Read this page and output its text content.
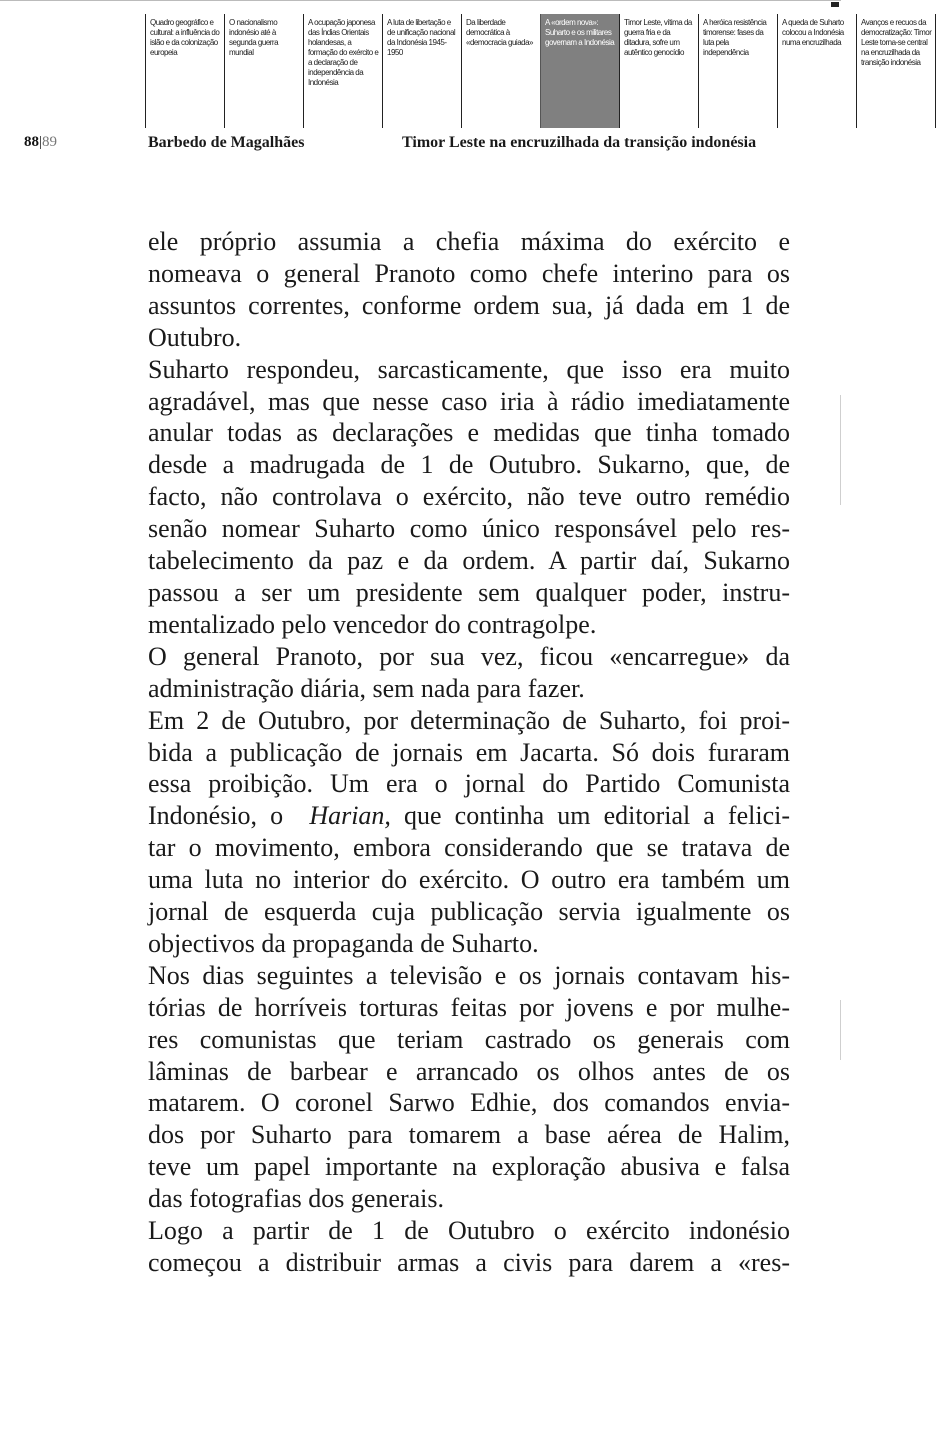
Quadro geográfico e cultural: a influência do islão e da colonização europeia
O nacionalismo indonésio até à segunda guerra mundial
A ocupação japonesa das Índias Orientais holandesas, a formação do exército e a declaração de independência da Indonésia
A luta de libertação e de unificação nacional da Indonésia 1945-1950
Da liberdade democrática à «democracia guiada»
A «ordem nova»: Suharto e os militares governam a Indonésia
Timor Leste, vítima da guerra fria e da ditadura, sofre um autêntico genocídio
A heróica resistência timorense: fases da luta pela independência
A queda de Suharto colocou a Indonésia numa encruzilhada
Avanços e recuos da democratização: Timor Leste torna-se central na encruzilhada da transição indonésia
88|89	Barbedo de Magalhães	Timor Leste na encruzilhada da transição indonésia
ele próprio assumia a chefia máxima do exército e
nomeava o general Pranoto como chefe interino para os
assuntos correntes, conforme ordem sua, já dada em 1 de
Outubro.
Suharto respondeu, sarcasticamente, que isso era muito
agradável, mas que nesse caso iria à rádio imediatamente
anular todas as declarações e medidas que tinha tomado
desde a madrugada de 1 de Outubro. Sukarno, que, de
facto, não controlava o exército, não teve outro remédio
senão nomear Suharto como único responsável pelo res-
tabelecimento da paz e da ordem. A partir daí, Sukarno
passou a ser um presidente sem qualquer poder, instru-
mentalizado pelo vencedor do contragolpe.
O general Pranoto, por sua vez, ficou «encarregue» da
administração diária, sem nada para fazer.
Em 2 de Outubro, por determinação de Suharto, foi proi-
bida a publicação de jornais em Jacarta. Só dois furaram
essa proibição. Um era o jornal do Partido Comunista
Indonésio, o  Harian, que continha um editorial a felici-
tar o movimento, embora considerando que se tratava de
uma luta no interior do exército. O outro era também um
jornal de esquerda cuja publicação servia igualmente os
objectivos da propaganda de Suharto.
Nos dias seguintes a televisão e os jornais contavam his-
tórias de horríveis torturas feitas por jovens e por mulhe-
res comunistas que teriam castrado os generais com
lâminas de barbear e arrancado os olhos antes de os
matarem. O coronel Sarwo Edhie, dos comandos envia-
dos por Suharto para tomarem a base aérea de Halim,
teve um papel importante na exploração abusiva e falsa
das fotografias dos generais.
Logo a partir de 1 de Outubro o exército indonésio
começou a distribuir armas a civis para darem a «res-
